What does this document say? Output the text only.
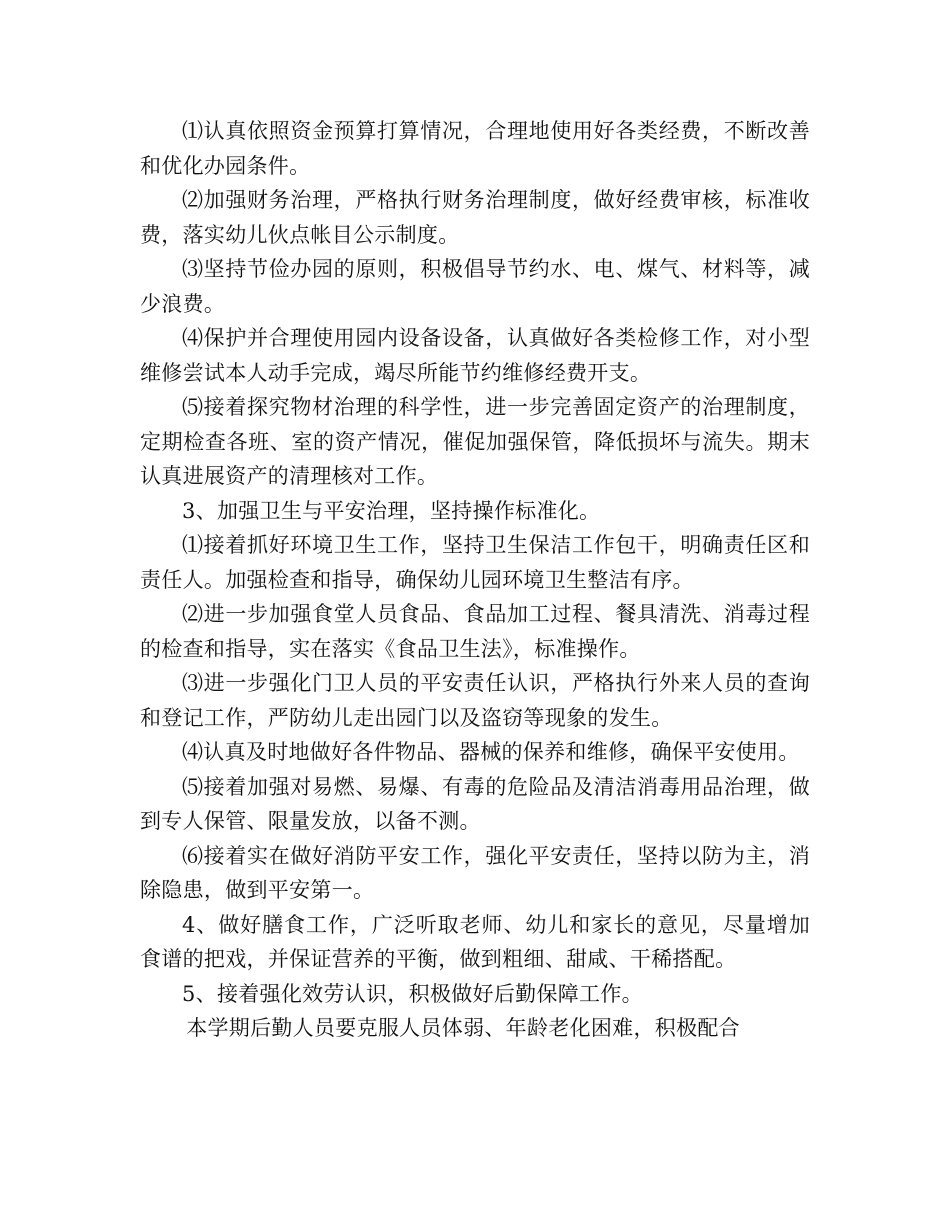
⑴认真依照资金预算打算情况，合理地使用好各类经费，不断改善和优化办园条件。

⑵加强财务治理，严格执行财务治理制度，做好经费审核，标准收费，落实幼儿伙点帐目公示制度。

⑶坚持节俭办园的原则，积极倡导节约水、电、煤气、材料等，减少浪费。

⑷保护并合理使用园内设备设备，认真做好各类检修工作，对小型维修尝试本人动手完成，竭尽所能节约维修经费开支。

⑸接着探究物材治理的科学性，进一步完善固定资产的治理制度，定期检查各班、室的资产情况，催促加强保管，降低损坏与流失。期末认真进展资产的清理核对工作。

3、加强卫生与平安治理，坚持操作标准化。

⑴接着抓好环境卫生工作，坚持卫生保洁工作包干，明确责任区和责任人。加强检查和指导，确保幼儿园环境卫生整洁有序。

⑵进一步加强食堂人员食品、食品加工过程、餐具清洗、消毒过程的检查和指导，实在落实《食品卫生法》，标准操作。

⑶进一步强化门卫人员的平安责任认识，严格执行外来人员的查询和登记工作，严防幼儿走出园门以及盗窃等现象的发生。

⑷认真及时地做好各件物品、器械的保养和维修，确保平安使用。

⑸接着加强对易燃、易爆、有毒的危险品及清洁消毒用品治理，做到专人保管、限量发放，以备不测。

⑹接着实在做好消防平安工作，强化平安责任，坚持以防为主，消除隐患，做到平安第一。

4、做好膳食工作，广泛听取老师、幼儿和家长的意见，尽量增加食谱的把戏，并保证营养的平衡，做到粗细、甜咸、干稀搭配。

5、接着强化效劳认识，积极做好后勤保障工作。

本学期后勤人员要克服人员体弱、年龄老化困难，积极配合
